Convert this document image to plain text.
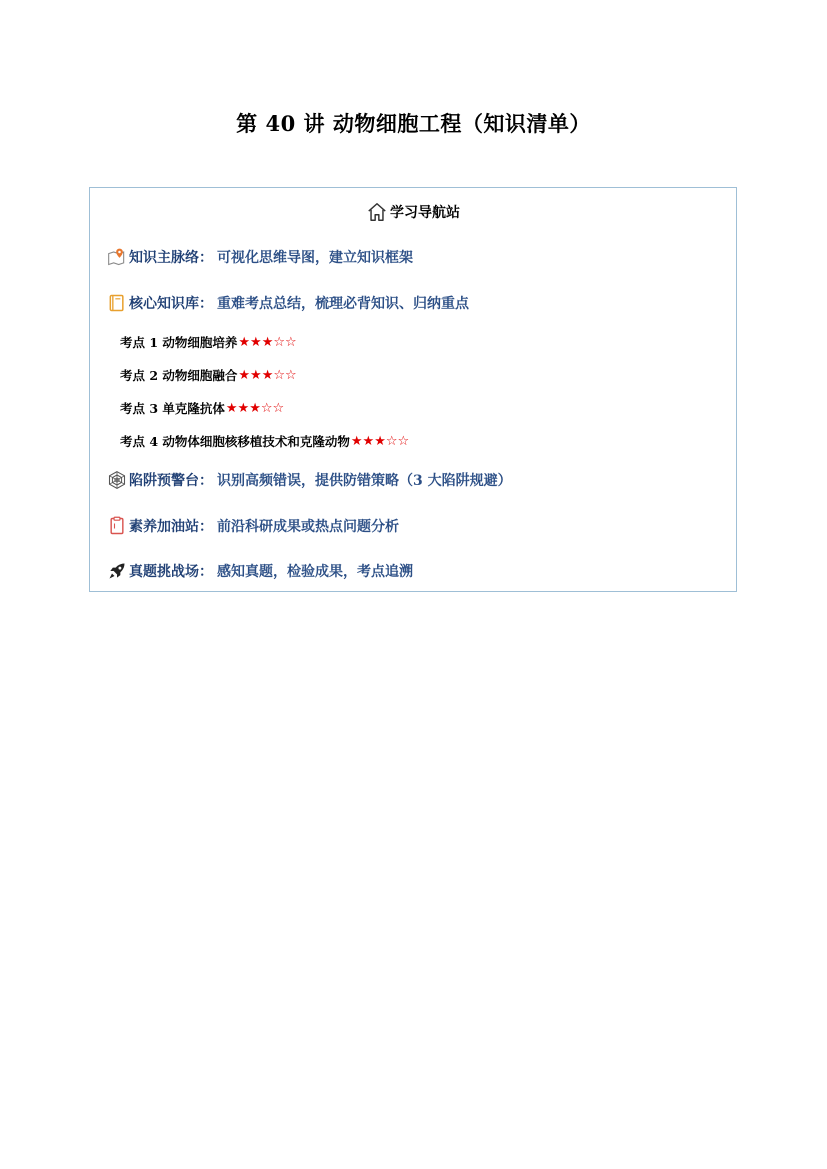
第 40 讲 动物细胞工程（知识清单）
学习导航站
知识主脉络 ： 可视化思维导图，建立知识框架
核心知识库 ： 重难考点总结，梳理必背知识、归纳重点
考点 1 动物细胞培养 ★★★☆☆
考点 2 动物细胞融合 ★★★☆☆
考点 3 单克隆抗体 ★★★☆☆
考点 4 动物体细胞核移植技术和克隆动物 ★★★☆☆
陷阱预警台 ： 识别高频错误，提供防错策略（3 大陷阱规避）
素养加油站 ： 前沿科研成果或热点问题分析
真题挑战场 ： 感知真题，检验成果，考点追溯
